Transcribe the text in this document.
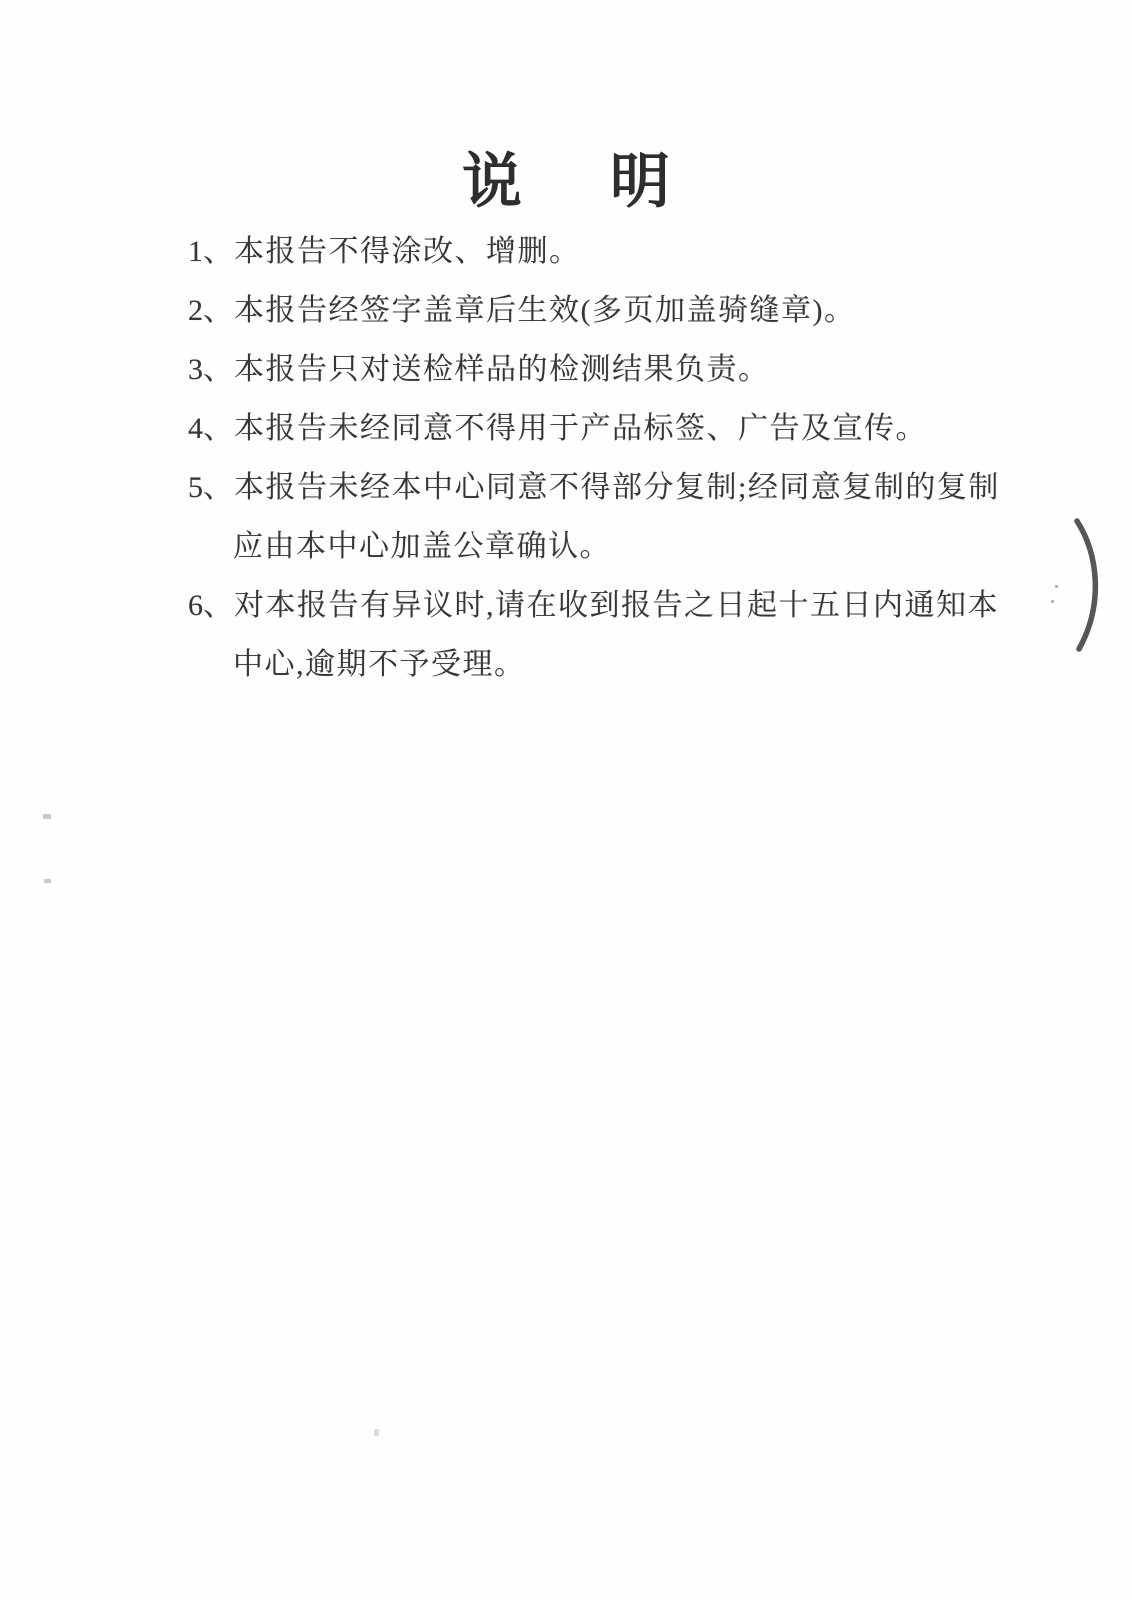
说 明
1、本报告不得涂改、增删。
2、本报告经签字盖章后生效(多页加盖骑缝章)。
3、本报告只对送检样品的检测结果负责。
4、本报告未经同意不得用于产品标签、广告及宣传。
5、本报告未经本中心同意不得部分复制;经同意复制的复制
应由本中心加盖公章确认。
6、对本报告有异议时,请在收到报告之日起十五日内通知本
中心,逾期不予受理。
